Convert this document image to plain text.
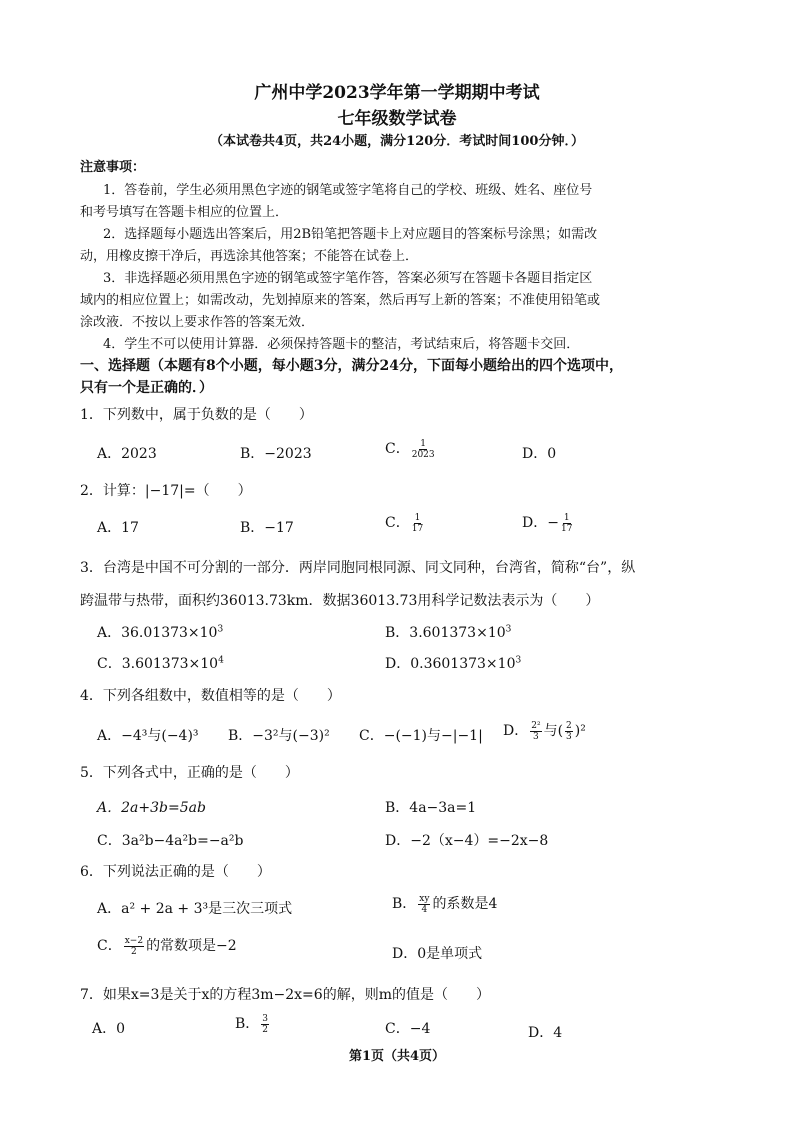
广州中学2023学年第一学期期中考试
七年级数学试卷
（本试卷共4页，共24小题，满分120分．考试时间100分钟．）
注意事项：
1．答卷前，学生必须用黑色字迹的钢笔或签字笔将自己的学校、班级、姓名、座位号
和考号填写在答题卡相应的位置上．
2．选择题每小题选出答案后，用2B铅笔把答题卡上对应题目的答案标号涂黑；如需改
动，用橡皮擦干净后，再选涂其他答案；不能答在试卷上．
3．非选择题必须用黑色字迹的钢笔或签字笔作答，答案必须写在答题卡各题目指定区
域内的相应位置上；如需改动，先划掉原来的答案，然后再写上新的答案；不准使用铅笔或
涂改液．不按以上要求作答的答案无效．
4．学生不可以使用计算器．必须保持答题卡的整洁，考试结束后，将答题卡交回．
一、选择题（本题有8个小题，每小题3分，满分24分，下面每小题给出的四个选项中，
只有一个是正确的．）
1．下列数中，属于负数的是（　　）
A．2023	B．−2023	C． $\frac{1}{2023}$	D．0
2．计算：|−17|=（　　）
A．17	B．−17	C． $\frac{1}{17}$	D．− $\frac{1}{17}$
3．台湾是中国不可分割的一部分．两岸同胞同根同源、同文同种，台湾省，简称“台”，纵
跨温带与热带，面积约36013.73km．数据36013.73用科学记数法表示为（　　）
A．$36.01373\times 10^3$	B．$3.601373\times 10^3$
C．$3.601373\times 10^4$	D．$0.3601373\times 10^3$
4．下列各组数中，数值相等的是（　　）
A．−4³与(−4)³ B．−3²与(−3)² C．−(−1)与−|−1| D． $\frac{\text{2²}}{3}$ 与( $\frac{2}{3} )^2$
5．下列各式中，正确的是（　　）
A．2a+3b=5ab	B．4a−3a=1
C．3a²b−4a²b=−a²b	D．−2（x−4）=−2x−8
6．下列说法正确的是（　　）
A．a² + 2a + 3³是三次三项式	B． $\frac{xy}{4}$ 的系数是4
C． $\frac{x-2}{2}$ 的常数项是−2	D．0是单项式
7．如果x=3是关于x的方程3m−2x=6的解，则m的值是（　　）
A．0	B． $\frac{3}{2}$	C．−4	D．4
第1页（共4页）
